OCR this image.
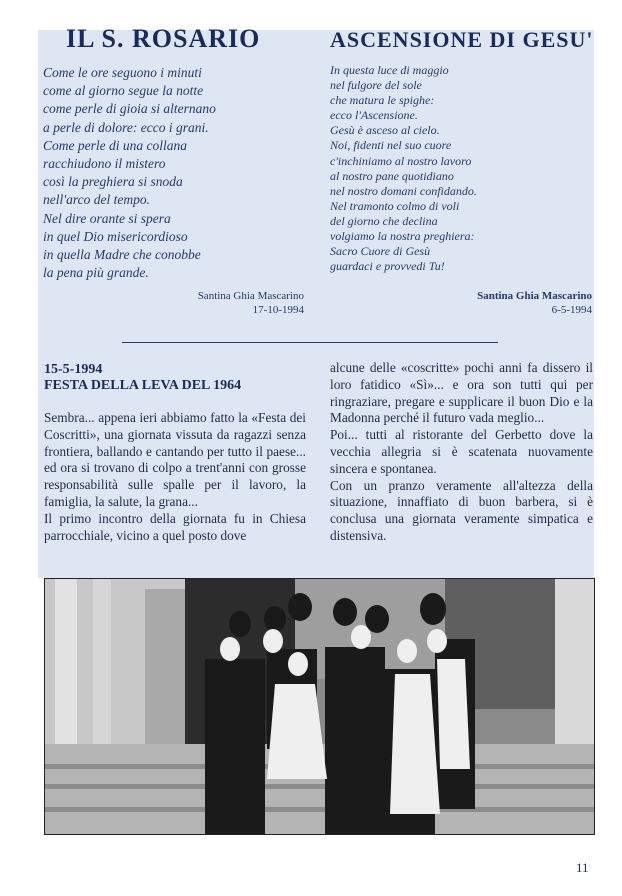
IL S. ROSARIO	ASCENSIONE DI GESU'
Come le ore seguono i minuti
come al giorno segue la notte
come perle di gioia si alternano
a perle di dolore: ecco i grani.
Come perle di una collana
racchiudono il mistero
così la preghiera si snoda
nell'arco del tempo.
Nel dire orante si spera
in quel Dio misericordioso
in quella Madre che conobbe
la pena più grande.
In questa luce di maggio
nel fulgore del sole
che matura le spighe:
ecco l'Ascensione.
Gesù è asceso al cielo.
Noi, fidenti nel suo cuore
c'inchiniamo al nostro lavoro
al nostro pane quotidiano
nel nostro domani confidando.
Nel tramonto colmo di voli
del giorno che declina
volgiamo la nostra preghiera:
Sacro Cuore di Gesù
guardaci e provvedi Tu!
Santina Ghia Mascarino
17-10-1994
Santina Ghia Mascarino
6-5-1994
15-5-1994
FESTA DELLA LEVA DEL 1964

Sembra... appena ieri abbiamo fatto la «Festa dei Coscritti», una giornata vissuta da ragazzi senza frontiera, ballando e cantando per tutto il paese... ed ora si trovano di colpo a trent'anni con grosse responsabilità sulle spalle per il lavoro, la famiglia, la salute, la grana...

Il primo incontro della giornata fu in Chiesa parrocchiale, vicino a quel posto dove

alcune delle «coscritte» pochi anni fa dissero il loro fatidico «Sì»... e ora son tutti qui per ringraziare, pregare e supplicare il buon Dio e la Madonna perché il futuro vada meglio...

Poi... tutti al ristorante del Gerbetto dove la vecchia allegria si è scatenata nuovamente sincera e spontanea.

Con un pranzo veramente all'altezza della situazione, innaffiato di buon barbera, si è conclusa una giornata veramente simpatica e distensiva.

11
